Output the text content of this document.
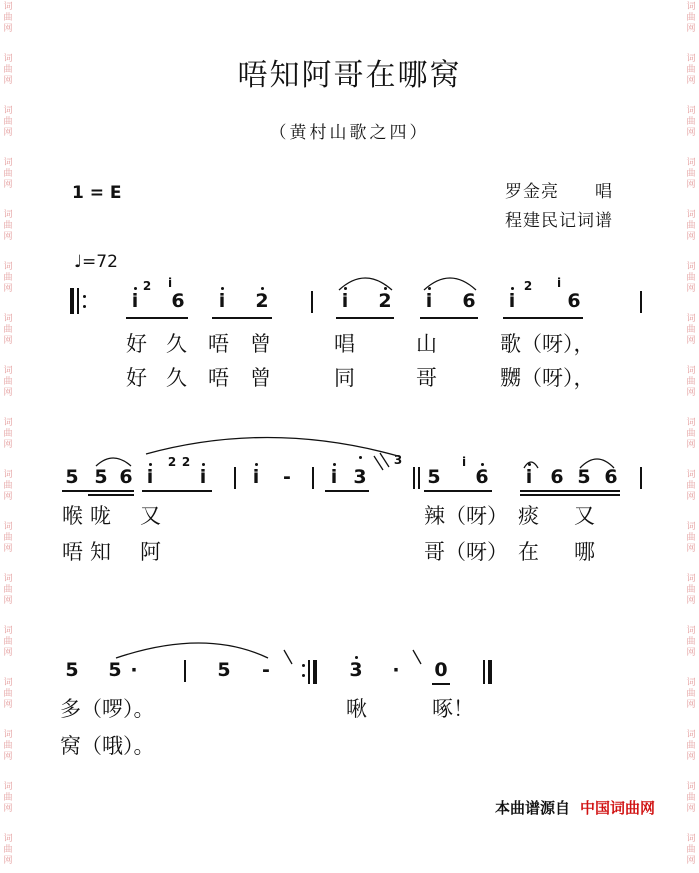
词
曲
网
词
曲
网
词
曲
网
词
曲
网
词
曲
网
词
曲
网
词
曲
网
词
曲
网
词
曲
网
词
曲
网
词
曲
网
词
曲
网
词
曲
网
词
曲
网
词
曲
网
词
曲
网
词
曲
网
词
曲
网
词
曲
网
词
曲
网
词
曲
网
词
曲
网
词
曲
网
词
曲
网
词
曲
网
词
曲
网
词
曲
网
词
曲
网
词
曲
网
词
曲
网
词
曲
网
词
曲
网
词
曲
网
词
曲
网
唔知阿哥在哪窝
（黄村山歌之四）
1 = E
♩=72
罗金亮　　唱
程建民记词谱
i
2 i
6 i 2	i 2 i 6 i
2 i
6
好 久 唔 曾	唱	山	歌（呀），
好 久 唔 曾	同	哥	嬲（呀），
5 5 6 i
2 2
i i - i 3
3
5
i
6 i 6 5 6
喉 咙 又	辣（呀） 痰 又
唔 知 阿	哥（呀） 在 哪
5 5 ·	5 -	3 · 0
多（啰）。	啾	啄！
窝（哦）。
本曲谱源自 中国词曲网
